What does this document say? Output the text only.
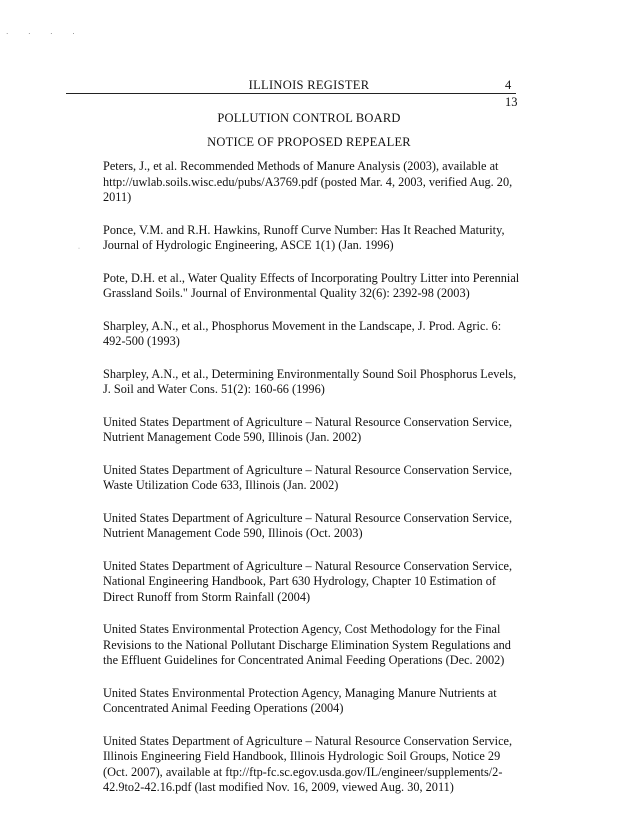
· · · ·
·
ILLINOIS REGISTER	4
13
POLLUTION CONTROL BOARD
NOTICE OF PROPOSED REPEALER

Peters, J., et al. Recommended Methods of Manure Analysis (2003), available at http://uwlab.soils.wisc.edu/pubs/A3769.pdf (posted Mar. 4, 2003, verified Aug. 20, 2011)

Ponce, V.M. and R.H. Hawkins, Runoff Curve Number: Has It Reached Maturity, Journal of Hydrologic Engineering, ASCE 1(1) (Jan. 1996)

Pote, D.H. et al., Water Quality Effects of Incorporating Poultry Litter into Perennial Grassland Soils." Journal of Environmental Quality 32(6): 2392-98 (2003)

Sharpley, A.N., et al., Phosphorus Movement in the Landscape, J. Prod. Agric. 6: 492-500 (1993)

Sharpley, A.N., et al., Determining Environmentally Sound Soil Phosphorus Levels, J. Soil and Water Cons. 51(2): 160-66 (1996)

United States Department of Agriculture – Natural Resource Conservation Service, Nutrient Management Code 590, Illinois (Jan. 2002)

United States Department of Agriculture – Natural Resource Conservation Service, Waste Utilization Code 633, Illinois (Jan. 2002)

United States Department of Agriculture – Natural Resource Conservation Service, Nutrient Management Code 590, Illinois (Oct. 2003)

United States Department of Agriculture – Natural Resource Conservation Service, National Engineering Handbook, Part 630 Hydrology, Chapter 10 Estimation of Direct Runoff from Storm Rainfall (2004)

United States Environmental Protection Agency, Cost Methodology for the Final Revisions to the National Pollutant Discharge Elimination System Regulations and the Effluent Guidelines for Concentrated Animal Feeding Operations (Dec. 2002)

United States Environmental Protection Agency, Managing Manure Nutrients at Concentrated Animal Feeding Operations (2004)

United States Department of Agriculture – Natural Resource Conservation Service, Illinois Engineering Field Handbook, Illinois Hydrologic Soil Groups, Notice 29 (Oct. 2007), available at ftp://ftp-fc.sc.egov.usda.gov/IL/engineer/supplements/2-42.9to2-42.16.pdf (last modified Nov. 16, 2009, viewed Aug. 30, 2011)
